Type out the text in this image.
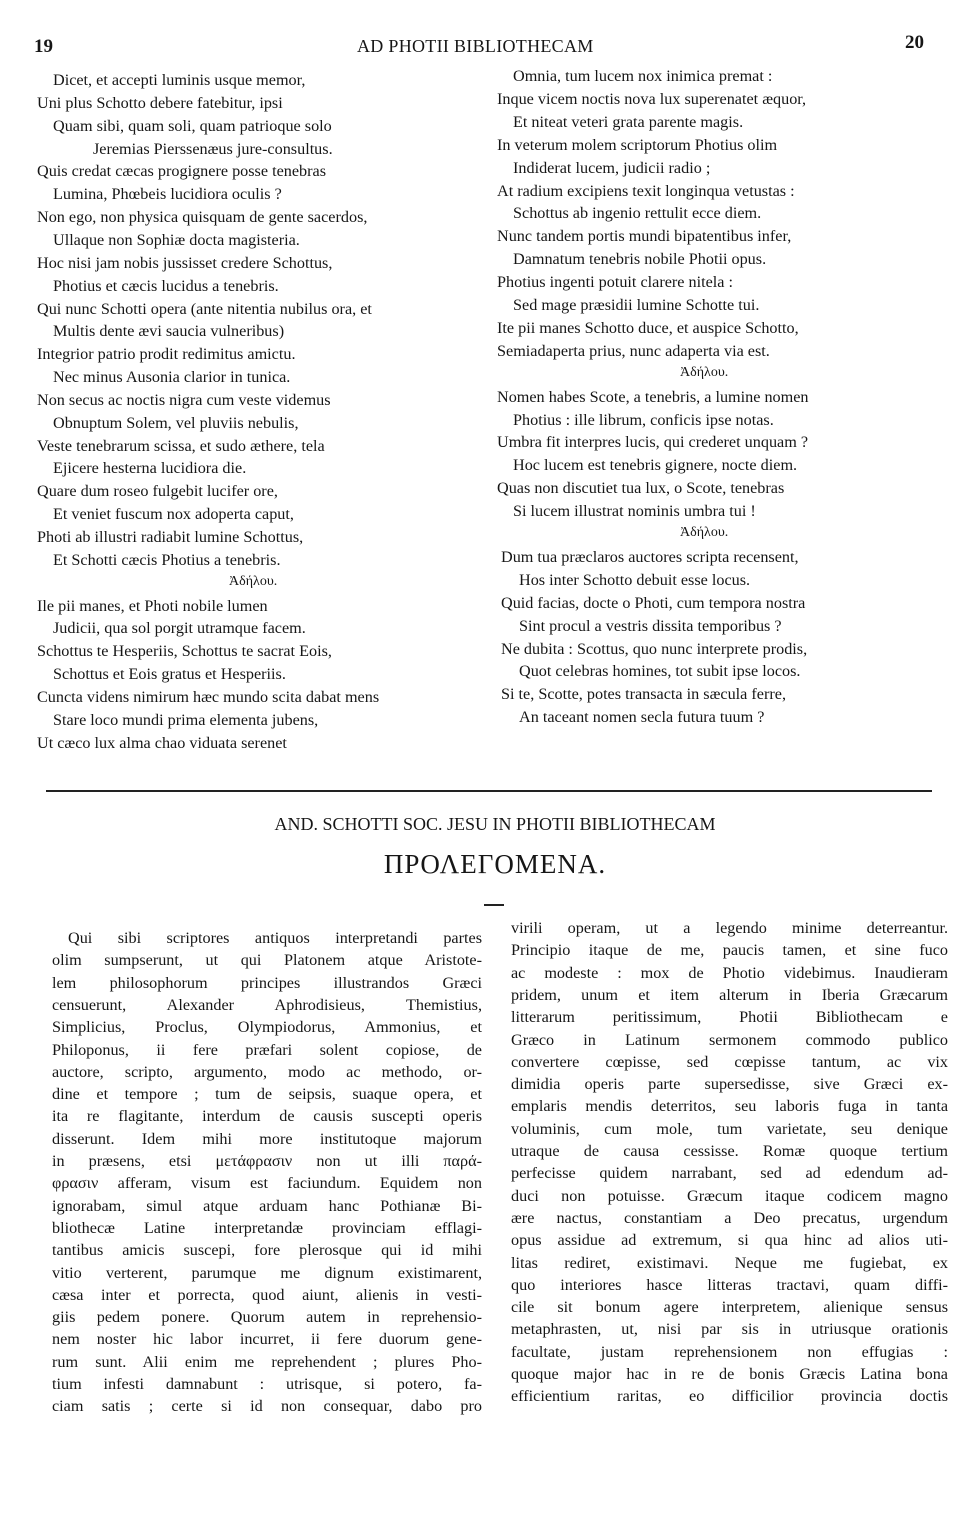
19	AD PHOTII BIBLIOTHECAM	20
Dicet, et accepti luminis usque memor,
Uni plus Schotto debere fatebitur, ipsi
Quam sibi, quam soli, quam patrioque solo
Jeremias Pierssenæus jure-consultus.
Quis credat cæcas progignere posse tenebras
Lumina, Phœbeis lucidiora oculis ?
Non ego, non physica quisquam de gente sacerdos,
Ullaque non Sophiæ docta magisteria.
Hoc nisi jam nobis jussisset credere Schottus,
Photius et cæcis lucidus a tenebris.
Qui nunc Schotti opera (ante nitentia nubilus ora, et
Multis dente ævi saucia vulneribus)
Integrior patrio prodit redimitus amictu.
Nec minus Ausonia clarior in tunica.
Non secus ac noctis nigra cum veste videmus
Obnuptum Solem, vel pluviis nebulis,
Veste tenebrarum scissa, et sudo æthere, tela
Ejicere hesterna lucidiora die.
Quare dum roseo fulgebit lucifer ore,
Et veniet fuscum nox adoperta caput,
Photi ab illustri radiabit lumine Schottus,
Et Schotti cæcis Photius a tenebris.
Ἀδήλου.
Ile pii manes, et Photi nobile lumen
Judicii, qua sol porgit utramque facem.
Schottus te Hesperiis, Schottus te sacrat Eois,
Schottus et Eois gratus et Hesperiis.
Cuncta videns nimirum hæc mundo scita dabat mens
Stare loco mundi prima elementa jubens,
Ut cæco lux alma chao viduata serenet
Omnia, tum lucem nox inimica premat :
Inque vicem noctis nova lux superenatet æquor,
Et niteat veteri grata parente magis.
In veterum molem scriptorum Photius olim
Indiderat lucem, judicii radio ;
At radium excipiens texit longinqua vetustas :
Schottus ab ingenio rettulit ecce diem.
Nunc tandem portis mundi bipatentibus infer,
Damnatum tenebris nobile Photii opus.
Photius ingenti potuit clarere nitela :
Sed mage præsidii lumine Schotte tui.
Ite pii manes Schotto duce, et auspice Schotto,
Semiadaperta prius, nunc adaperta via est.
Ἀδήλου.
Nomen habes Scote, a tenebris, a lumine nomen
Photius : ille librum, conficis ipse notas.
Umbra fit interpres lucis, qui crederet unquam ?
Hoc lucem est tenebris gignere, nocte diem.
Quas non discutiet tua lux, o Scote, tenebras
Si lucem illustrat nominis umbra tui !
Ἀδήλου.
Dum tua præclaros auctores scripta recensent,
Hos inter Schotto debuit esse locus.
Quid facias, docte o Photi, cum tempora nostra
Sint procul a vestris dissita temporibus ?
Ne dubita : Scottus, quo nunc interprete prodis,
Quot celebras homines, tot subit ipse locos.
Si te, Scotte, potes transacta in sæcula ferre,
An taceant nomen secla futura tuum ?
AND. SCHOTTI SOC. JESU IN PHOTII BIBLIOTHECAM
ΠΡΟΛΕΓΟΜΕΝΑ.
Qui sibi scriptores antiquos interpretandi partes
olim sumpserunt, ut qui Platonem atque Aristote-
lem philosophorum principes illustrandos Græci
censuerunt, Alexander Aphrodisieus, Themistius,
Simplicius, Proclus, Olympiodorus, Ammonius, et
Philoponus, ii fere præfari solent copiose, de
auctore, scripto, argumento, modo ac methodo, or-
dine et tempore ; tum de seipsis, suaque opera, et
ita re flagitante, interdum de causis suscepti operis
disserunt. Idem mihi more institutoque majorum
in præsens, etsi μετάφρασιν non ut illi παρά-
φρασιν afferam, visum est faciundum. Equidem non
ignorabam, simul atque arduam hanc Pothianæ Bi-
bliothecæ Latine interpretandæ provinciam efflagi-
tantibus amicis suscepi, fore plerosque qui id mihi
vitio verterent, parumque me dignum existimarent,
cæsa inter et porrecta, quod aiunt, alienis in vesti-
giis pedem ponere. Quorum autem in reprehensio-
nem noster hic labor incurret, ii fere duorum gene-
rum sunt. Alii enim me reprehendent ; plures Pho-
tium infesti damnabunt : utrisque, si potero, fa-
ciam satis ; certe si id non consequar, dabo pro
virili operam, ut a legendo minime deterreantur.
Principio itaque de me, paucis tamen, et sine fuco
ac modeste : mox de Photio videbimus. Inaudieram
pridem, unum et item alterum in Iberia Græcarum
litterarum peritissimum, Photii Bibliothecam e
Græco in Latinum sermonem commodo publico
convertere cœpisse, sed cœpisse tantum, ac vix
dimidia operis parte supersedisse, sive Græci ex-
emplaris mendis deterritos, seu laboris fuga in tanta
voluminis, cum mole, tum varietate, seu denique
utraque de causa cessisse. Romæ quoque tertium
perfecisse quidem narrabant, sed ad edendum ad-
duci non potuisse. Græcum itaque codicem magno
ære nactus, constantiam a Deo precatus, urgendum
opus assidue ad extremum, si qua hinc ad alios uti-
litas rediret, existimavi. Neque me fugiebat, ex
quo interiores hasce litteras tractavi, quam diffi-
cile sit bonum agere interpretem, alienique sensus
metaphrasten, ut, nisi par sis in utriusque orationis
facultate, justam reprehensionem non effugias :
quoque major hac in re de bonis Græcis Latina bona
efficientium raritas, eo difficilior provincia doctis
